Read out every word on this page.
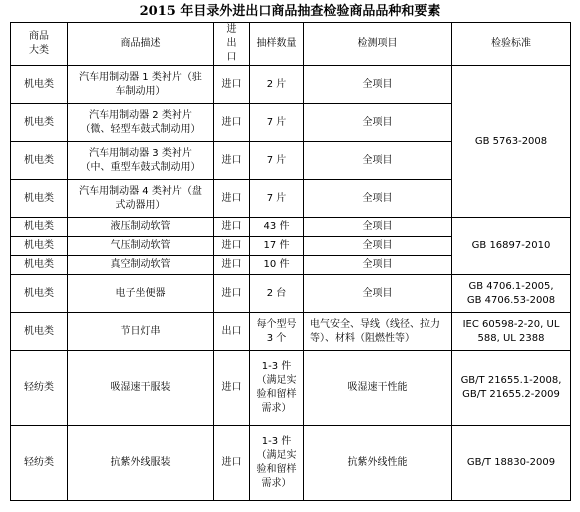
2015 年目录外进出口商品抽查检验商品品种和要素
商品大类	商品描述	进出口	抽样数量	检测项目	检验标准
机电类	汽车用制动器 1 类衬片（驻车制动用）	进口	2 片	全项目	GB 5763-2008
机电类	汽车用制动器 2 类衬片（微、轻型车鼓式制动用）	进口	7 片	全项目	
机电类	汽车用制动器 3 类衬片（中、重型车鼓式制动用）	进口	7 片	全项目	
机电类	汽车用制动器 4 类衬片（盘式动器用）	进口	7 片	全项目	
机电类	液压制动软管	进口	43 件	全项目	GB 16897-2010
机电类	气压制动软管	进口	17 件	全项目	
机电类	真空制动软管	进口	10 件	全项目	
机电类	电子坐便器	进口	2 台	全项目	GB 4706.1-2005, GB 4706.53-2008
机电类	节日灯串	出口	每个型号 3 个	电气安全、导线（线径、拉力等）、材料（阻燃性等）	IEC 60598-2-20, UL 588, UL 2388
轻纺类	吸湿速干服装	进口	1-3 件（满足实验和留样需求）	吸湿速干性能	GB/T 21655.1-2008, GB/T 21655.2-2009
轻纺类	抗紫外线服装	进口	1-3 件（满足实验和留样需求）	抗紫外线性能	GB/T 18830-2009
